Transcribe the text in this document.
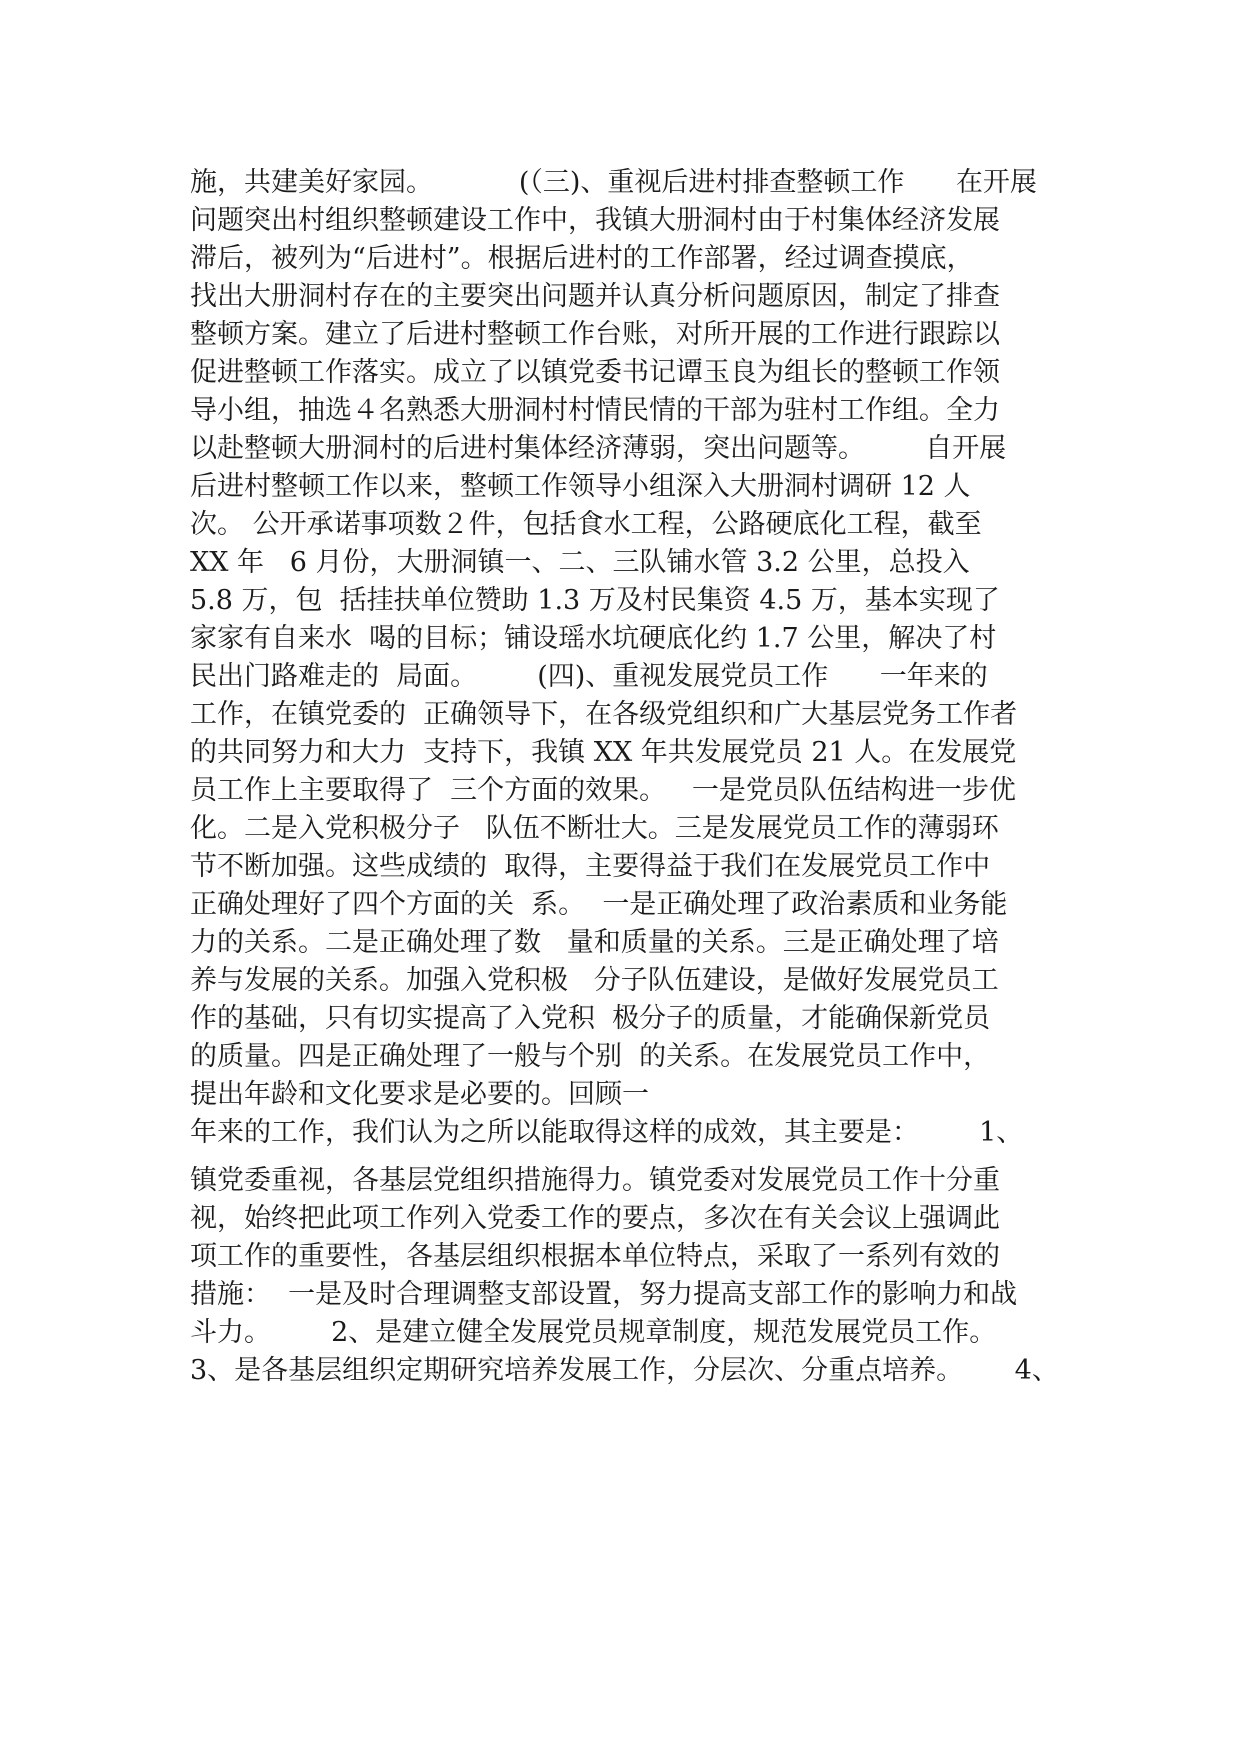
施，共建美好家园。          (（三)、重视后进村排查整顿工作      在开展
问题突出村组织整顿建设工作中，我镇大册洞村由于村集体经济发展
滞后，被列为“后进村”。根据后进村的工作部署，经过调查摸底，
找出大册洞村存在的主要突出问题并认真分析问题原因，制定了排查
整顿方案。建立了后进村整顿工作台账，对所开展的工作进行跟踪以
促进整顿工作落实。成立了以镇党委书记谭玉良为组长的整顿工作领
导小组，抽选４名熟悉大册洞村村情民情的干部为驻村工作组。全力
以赴整顿大册洞村的后进村集体经济薄弱，突出问题等。       自开展
后进村整顿工作以来，整顿工作领导小组深入大册洞村调研 12 人
次。 公开承诺事项数２件，包括食水工程，公路硬底化工程，截至
XX 年   6 月份，大册洞镇一、二、三队铺水管 3.2 公里，总投入
5.8 万，包  括挂扶单位赞助 1.3 万及村民集资 4.5 万，基本实现了
家家有自来水  喝的目标；铺设瑶水坑硬底化约 1.7 公里，解决了村
民出门路难走的  局面。       (四)、重视发展党员工作      一年来的
工作，在镇党委的  正确领导下，在各级党组织和广大基层党务工作者
的共同努力和大力  支持下，我镇 XX 年共发展党员 21 人。在发展党
员工作上主要取得了  三个方面的效果。   一是党员队伍结构进一步优
化。二是入党积极分子   队伍不断壮大。三是发展党员工作的薄弱环
节不断加强。这些成绩的  取得，主要得益于我们在发展党员工作中
正确处理好了四个方面的关  系。  一是正确处理了政治素质和业务能
力的关系。二是正确处理了数   量和质量的关系。三是正确处理了培
养与发展的关系。加强入党积极   分子队伍建设，是做好发展党员工
作的基础，只有切实提高了入党积  极分子的质量，才能确保新党员
的质量。四是正确处理了一般与个别  的关系。在发展党员工作中，
提出年龄和文化要求是必要的。回顾一
年来的工作，我们认为之所以能取得这样的成效，其主要是：       1、
镇党委重视，各基层党组织措施得力。镇党委对发展党员工作十分重
视，始终把此项工作列入党委工作的要点，多次在有关会议上强调此
项工作的重要性，各基层组织根据本单位特点，采取了一系列有效的
措施：  一是及时合理调整支部设置，努力提高支部工作的影响力和战
斗力。       2、是建立健全发展党员规章制度，规范发展党员工作。
3、是各基层组织定期研究培养发展工作，分层次、分重点培养。      4、
